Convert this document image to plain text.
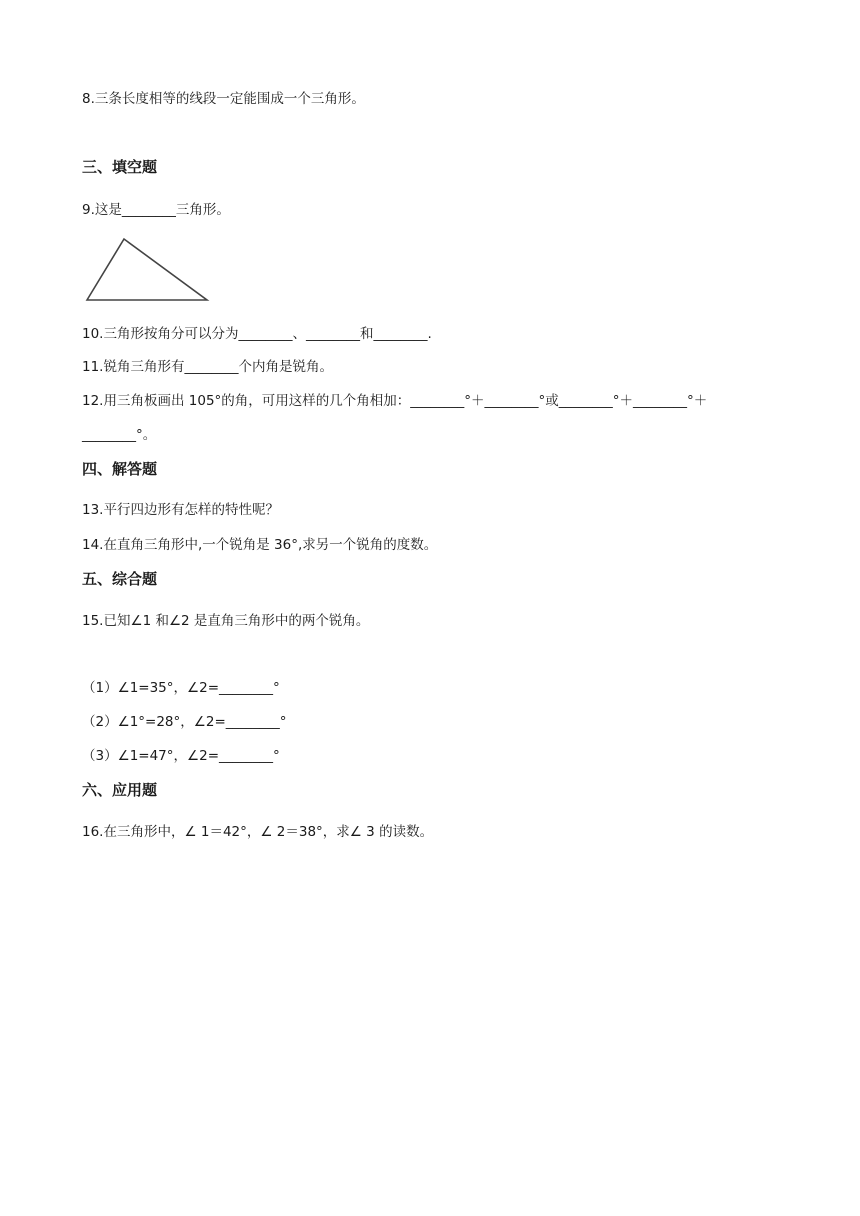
8.三条长度相等的线段一定能围成一个三角形。
三、填空题
9.这是________三角形。
10.三角形按角分可以分为________、________和________.
11.锐角三角形有________个内角是锐角。
12.用三角板画出 105°的角，可用这样的几个角相加：________°＋________°或________°＋________°＋
________°。
四、解答题
13.平行四边形有怎样的特性呢？
14.在直角三角形中,一个锐角是 36°,求另一个锐角的度数。
五、综合题
15.已知∠1 和∠2 是直角三角形中的两个锐角。
（1）∠1=35°，∠2=________°
（2）∠1°=28°，∠2=________°
（3）∠1=47°，∠2=________°
六、应用题
16.在三角形中，∠ 1＝42°，∠ 2＝38°，求∠ 3 的读数。
